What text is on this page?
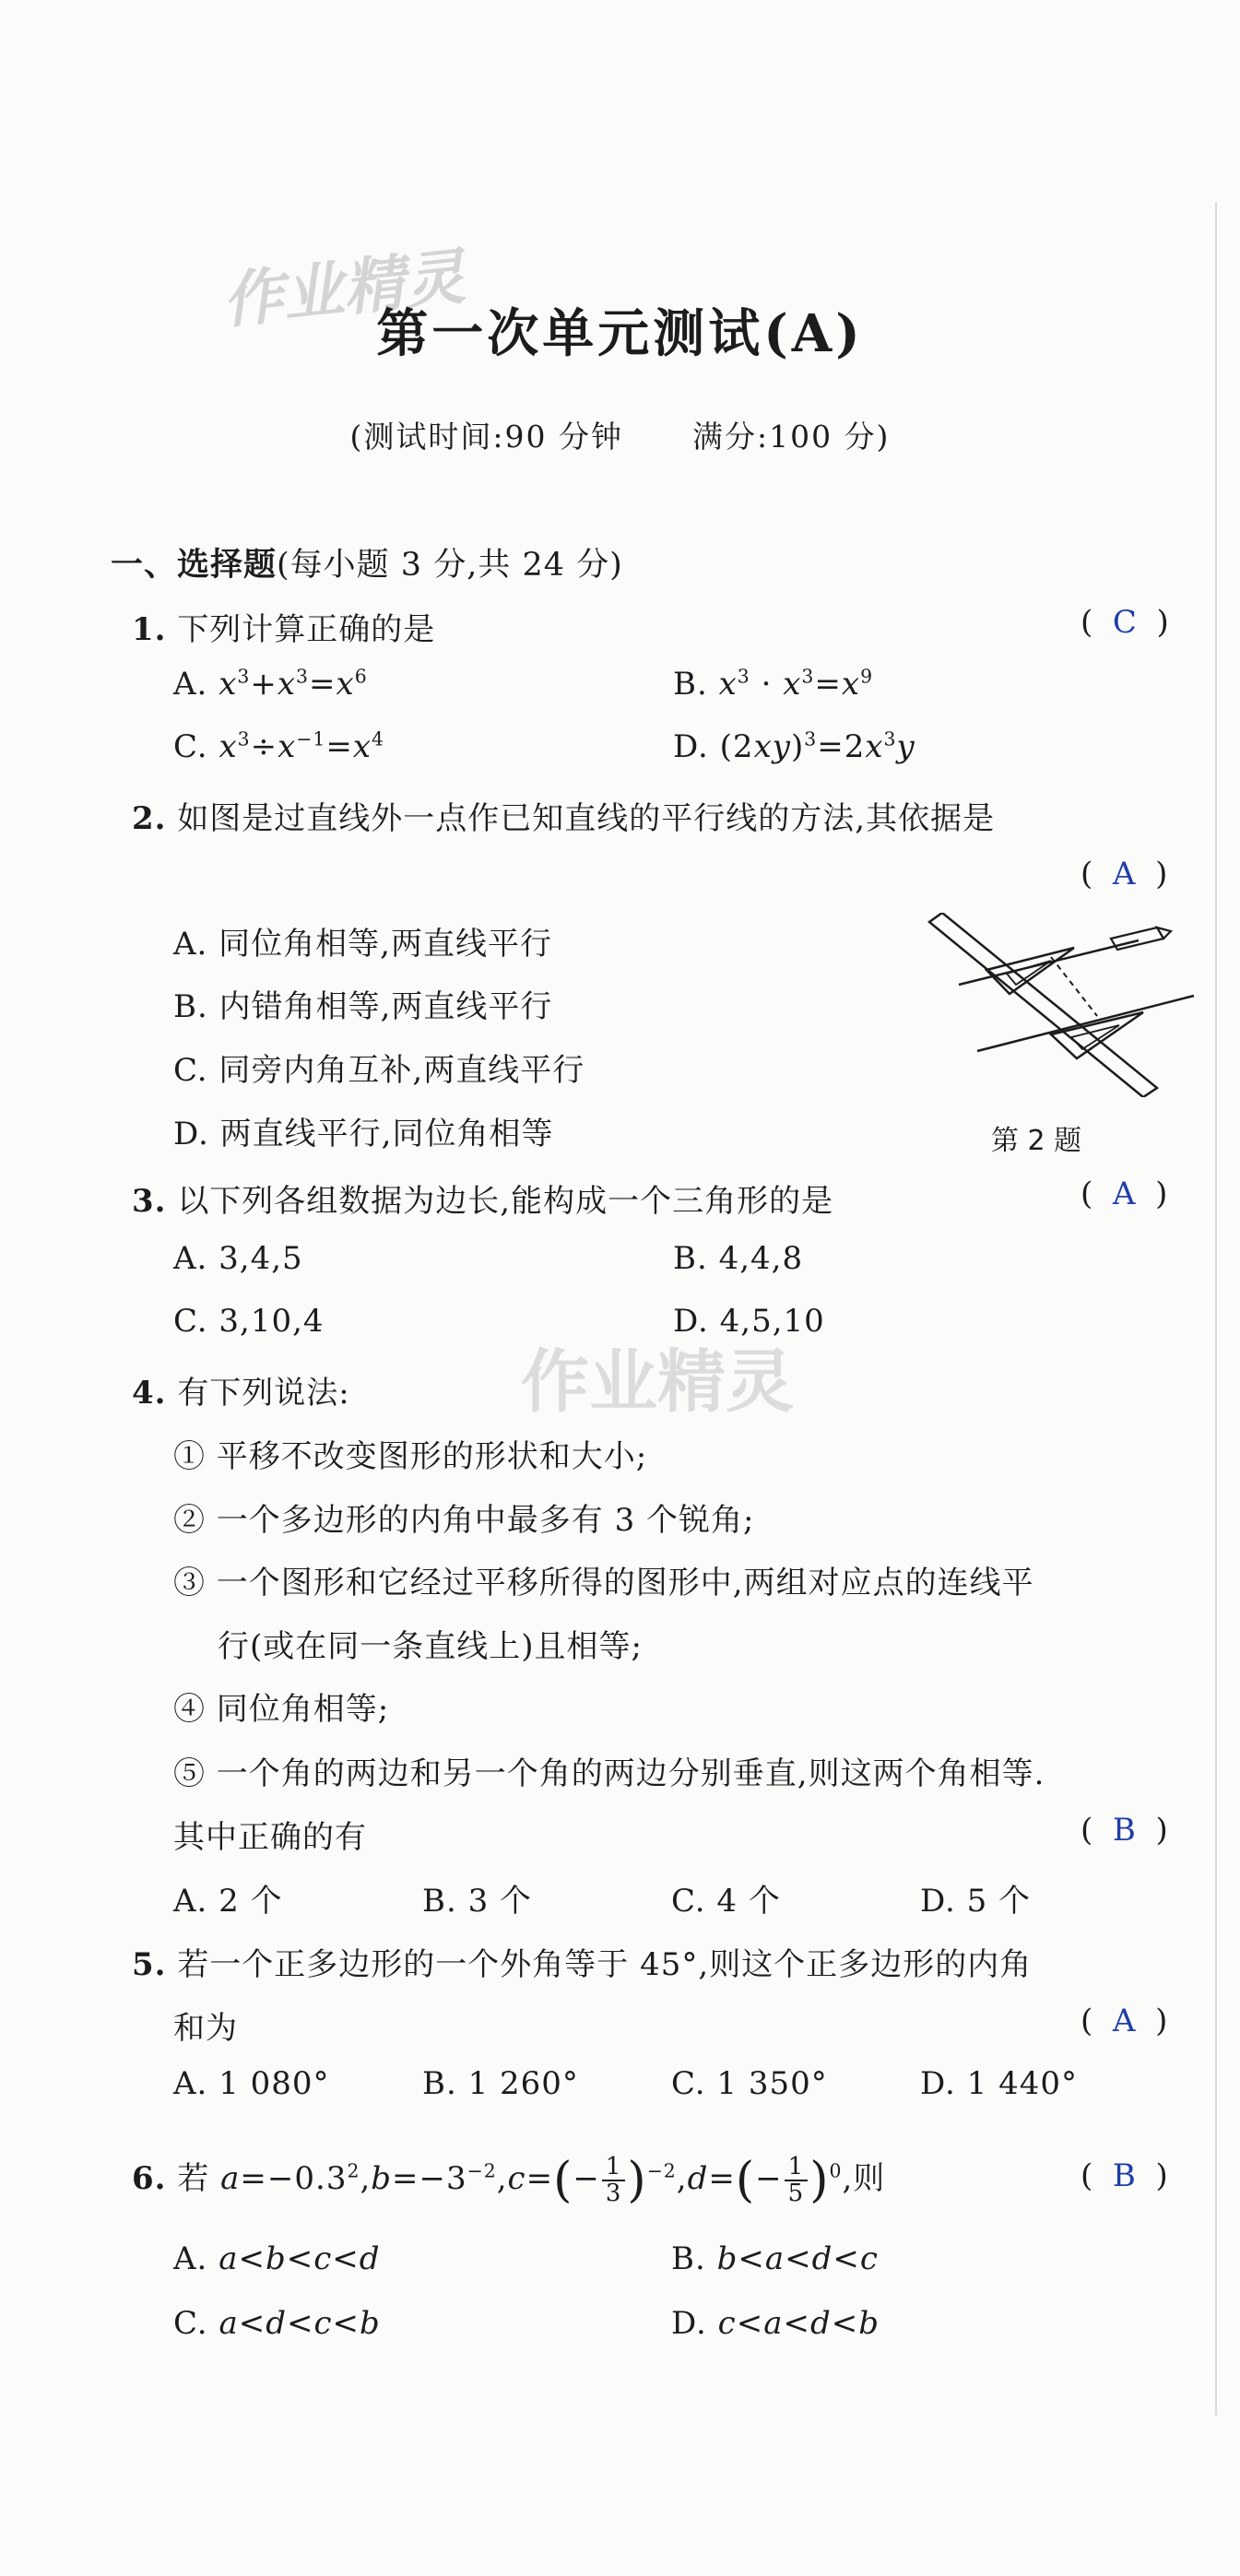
作业精灵
作业精灵
第一次单元测试(A)
(测试时间:90 分钟      满分:100 分)
一、选择题(每小题 3 分,共 24 分)
1. 下列计算正确的是	(  C  )
A. $x^3+x^3=x^6$	B. $x^3 \cdot x^3=x^9$
C. $x^3\div x^{-1}=x^4$	D. $(2xy)^3=2x^3y$
2. 如图是过直线外一点作已知直线的平行线的方法,其依据是
(  A  )
A. 同位角相等,两直线平行
B. 内错角相等,两直线平行
C. 同旁内角互补,两直线平行
D. 两直线平行,同位角相等	第 2 题
3. 以下列各组数据为边长,能构成一个三角形的是	(  A  )
A. 3,4,5	B. 4,4,8
C. 3,10,4	D. 4,5,10
4. 有下列说法:
① 平移不改变图形的形状和大小;
② 一个多边形的内角中最多有 3 个锐角;
③ 一个图形和它经过平移所得的图形中,两组对应点的连线平
行(或在同一条直线上)且相等;
④ 同位角相等;
⑤ 一个角的两边和另一个角的两边分别垂直,则这两个角相等.
其中正确的有	(  B  )
A. 2 个	B. 3 个	C. 4 个	D. 5 个
5. 若一个正多边形的一个外角等于 45°,则这个正多边形的内角
和为	(  A  )
A. 1 080°	B. 1 260°	C. 1 350°	D. 1 440°
6. 若 $a=-0.3^2,b=-3^{-2},c=(- \frac{1}{3} )^{-2},d=(- \frac{1}{5} )^0$,则	(  B  )
A. a<b<c<d	B. b<a<d<c
C. a<d<c<b	D. c<a<d<b
